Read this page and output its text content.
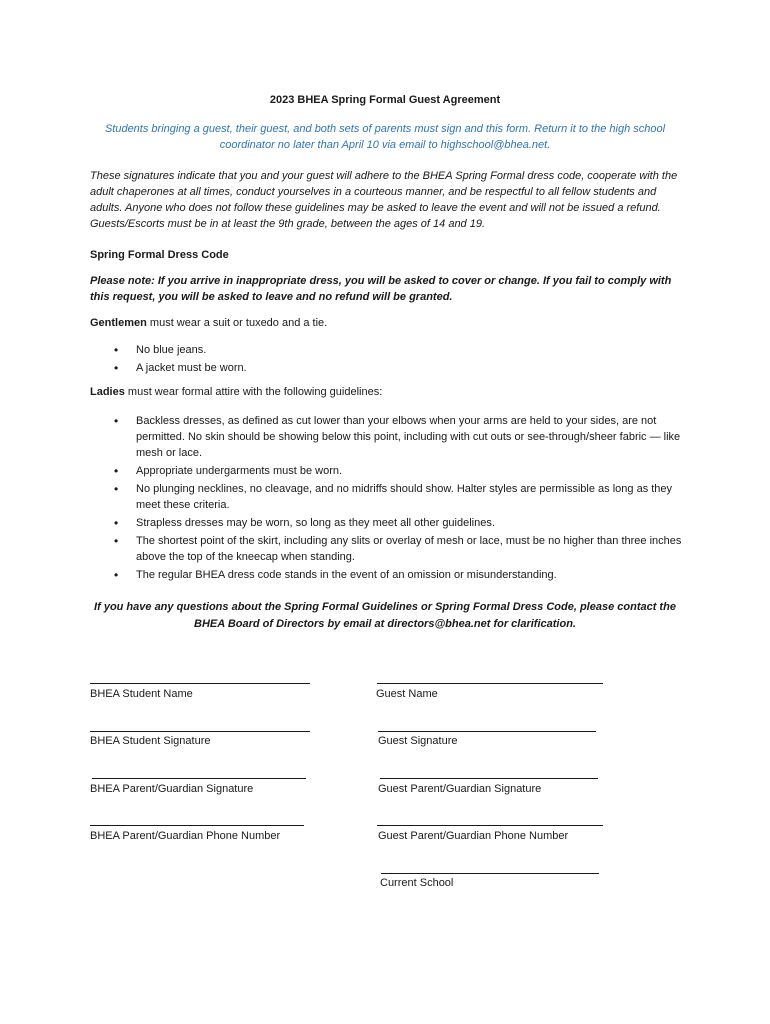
2023 BHEA Spring Formal Guest Agreement
Students bringing a guest, their guest, and both sets of parents must sign and this form. Return it to the high school coordinator no later than April 10 via email to highschool@bhea.net.
These signatures indicate that you and your guest will adhere to the BHEA Spring Formal dress code, cooperate with the adult chaperones at all times, conduct yourselves in a courteous manner, and be respectful to all fellow students and adults. Anyone who does not follow these guidelines may be asked to leave the event and will not be issued a refund. Guests/Escorts must be in at least the 9th grade, between the ages of 14 and 19.
Spring Formal Dress Code
Please note: If you arrive in inappropriate dress, you will be asked to cover or change. If you fail to comply with this request, you will be asked to leave and no refund will be granted.
Gentlemen must wear a suit or tuxedo and a tie.
• No blue jeans.
• A jacket must be worn.
Ladies must wear formal attire with the following guidelines:
• Backless dresses, as defined as cut lower than your elbows when your arms are held to your sides, are not permitted. No skin should be showing below this point, including with cut outs or see-through/sheer fabric — like mesh or lace.
• Appropriate undergarments must be worn.
• No plunging necklines, no cleavage, and no midriffs should show. Halter styles are permissible as long as they meet these criteria.
• Strapless dresses may be worn, so long as they meet all other guidelines.
• The shortest point of the skirt, including any slits or overlay of mesh or lace, must be no higher than three inches above the top of the kneecap when standing.
• The regular BHEA dress code stands in the event of an omission or misunderstanding.
If you have any questions about the Spring Formal Guidelines or Spring Formal Dress Code, please contact the BHEA Board of Directors by email at directors@bhea.net for clarification.
BHEA Student Name
BHEA Student Signature
BHEA Parent/Guardian Signature
BHEA Parent/Guardian Phone Number
Guest Name
Guest Signature
Guest Parent/Guardian Signature
Guest Parent/Guardian Phone Number
Current School
